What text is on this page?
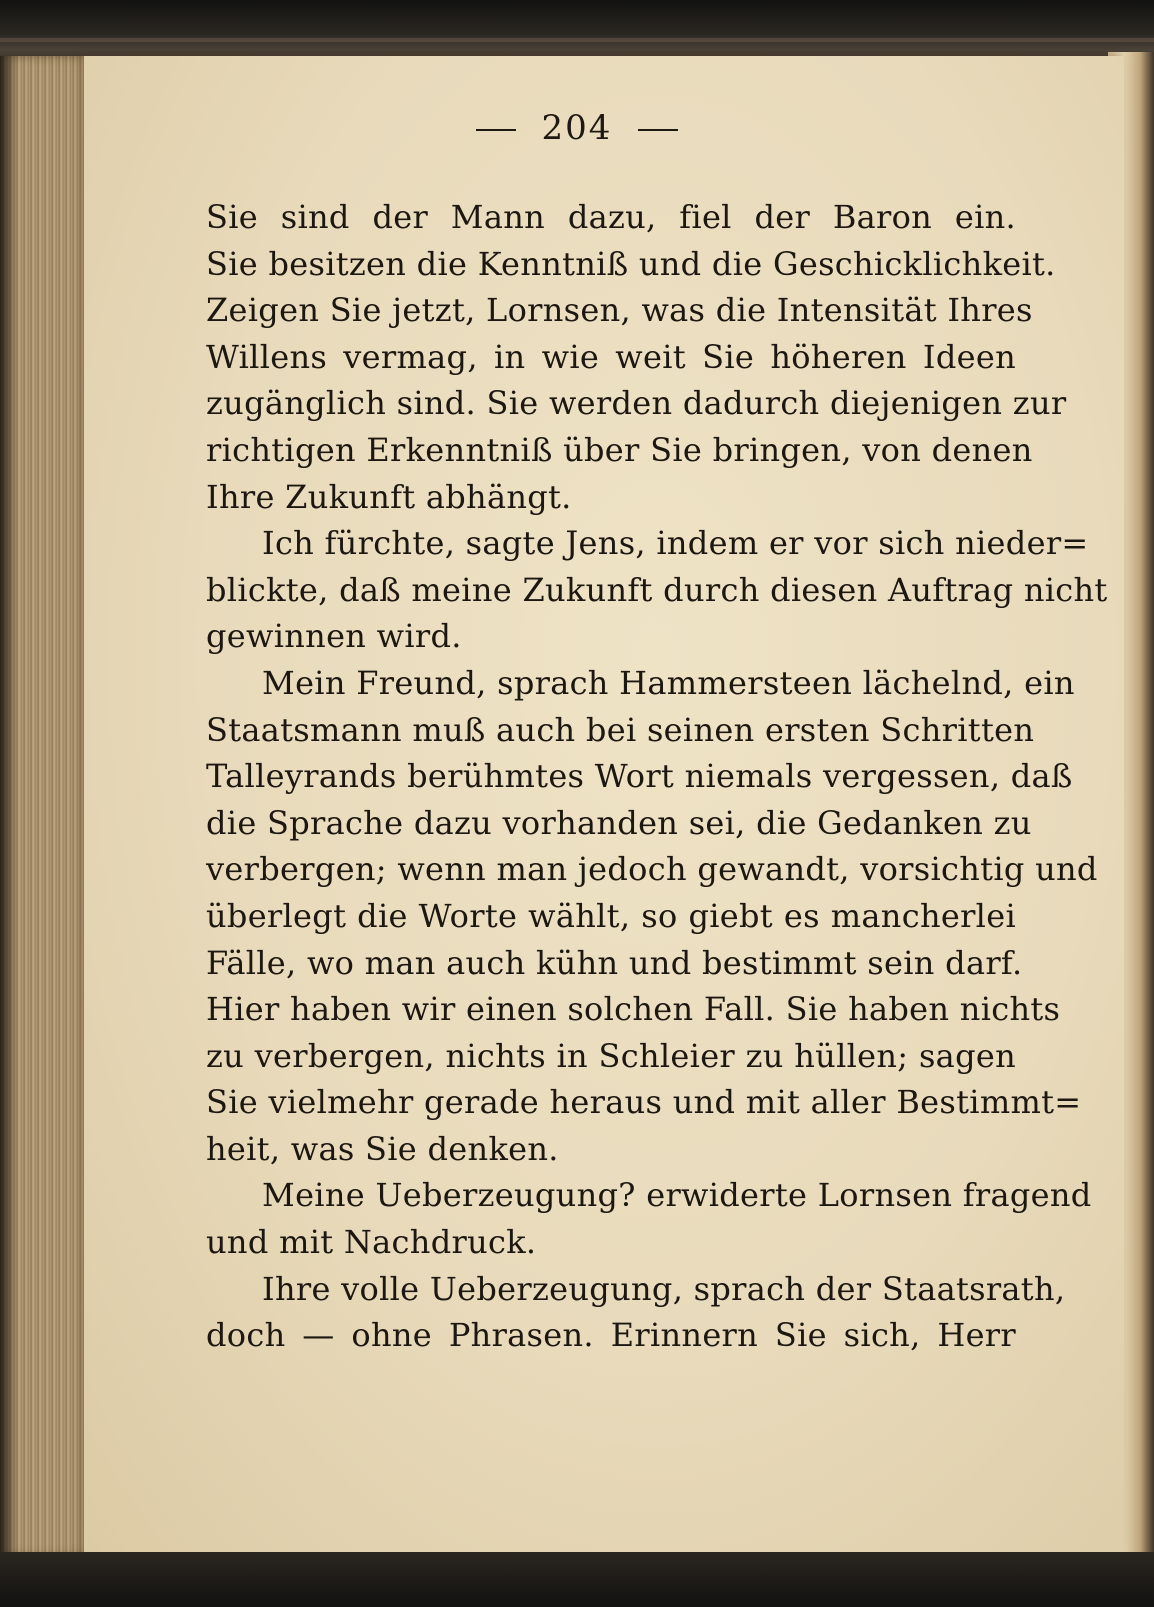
204
Sie sind der Mann dazu, fiel der Baron ein.
Sie besitzen die Kenntniß und die Geschicklichkeit.
Zeigen Sie jetzt, Lornsen, was die Intensität Ihres
Willens vermag, in wie weit Sie höheren Ideen
zugänglich sind. Sie werden dadurch diejenigen zur
richtigen Erkenntniß über Sie bringen, von denen
Ihre Zukunft abhängt.
Ich fürchte, sagte Jens, indem er vor sich nieder=
blickte, daß meine Zukunft durch diesen Auftrag nicht
gewinnen wird.
Mein Freund, sprach Hammersteen lächelnd, ein
Staatsmann muß auch bei seinen ersten Schritten
Talleyrands berühmtes Wort niemals vergessen, daß
die Sprache dazu vorhanden sei, die Gedanken zu
verbergen; wenn man jedoch gewandt, vorsichtig und
überlegt die Worte wählt, so giebt es mancherlei
Fälle, wo man auch kühn und bestimmt sein darf.
Hier haben wir einen solchen Fall. Sie haben nichts
zu verbergen, nichts in Schleier zu hüllen; sagen
Sie vielmehr gerade heraus und mit aller Bestimmt=
heit, was Sie denken.
Meine Ueberzeugung? erwiderte Lornsen fragend
und mit Nachdruck.
Ihre volle Ueberzeugung, sprach der Staatsrath,
doch — ohne Phrasen. Erinnern Sie sich, Herr
